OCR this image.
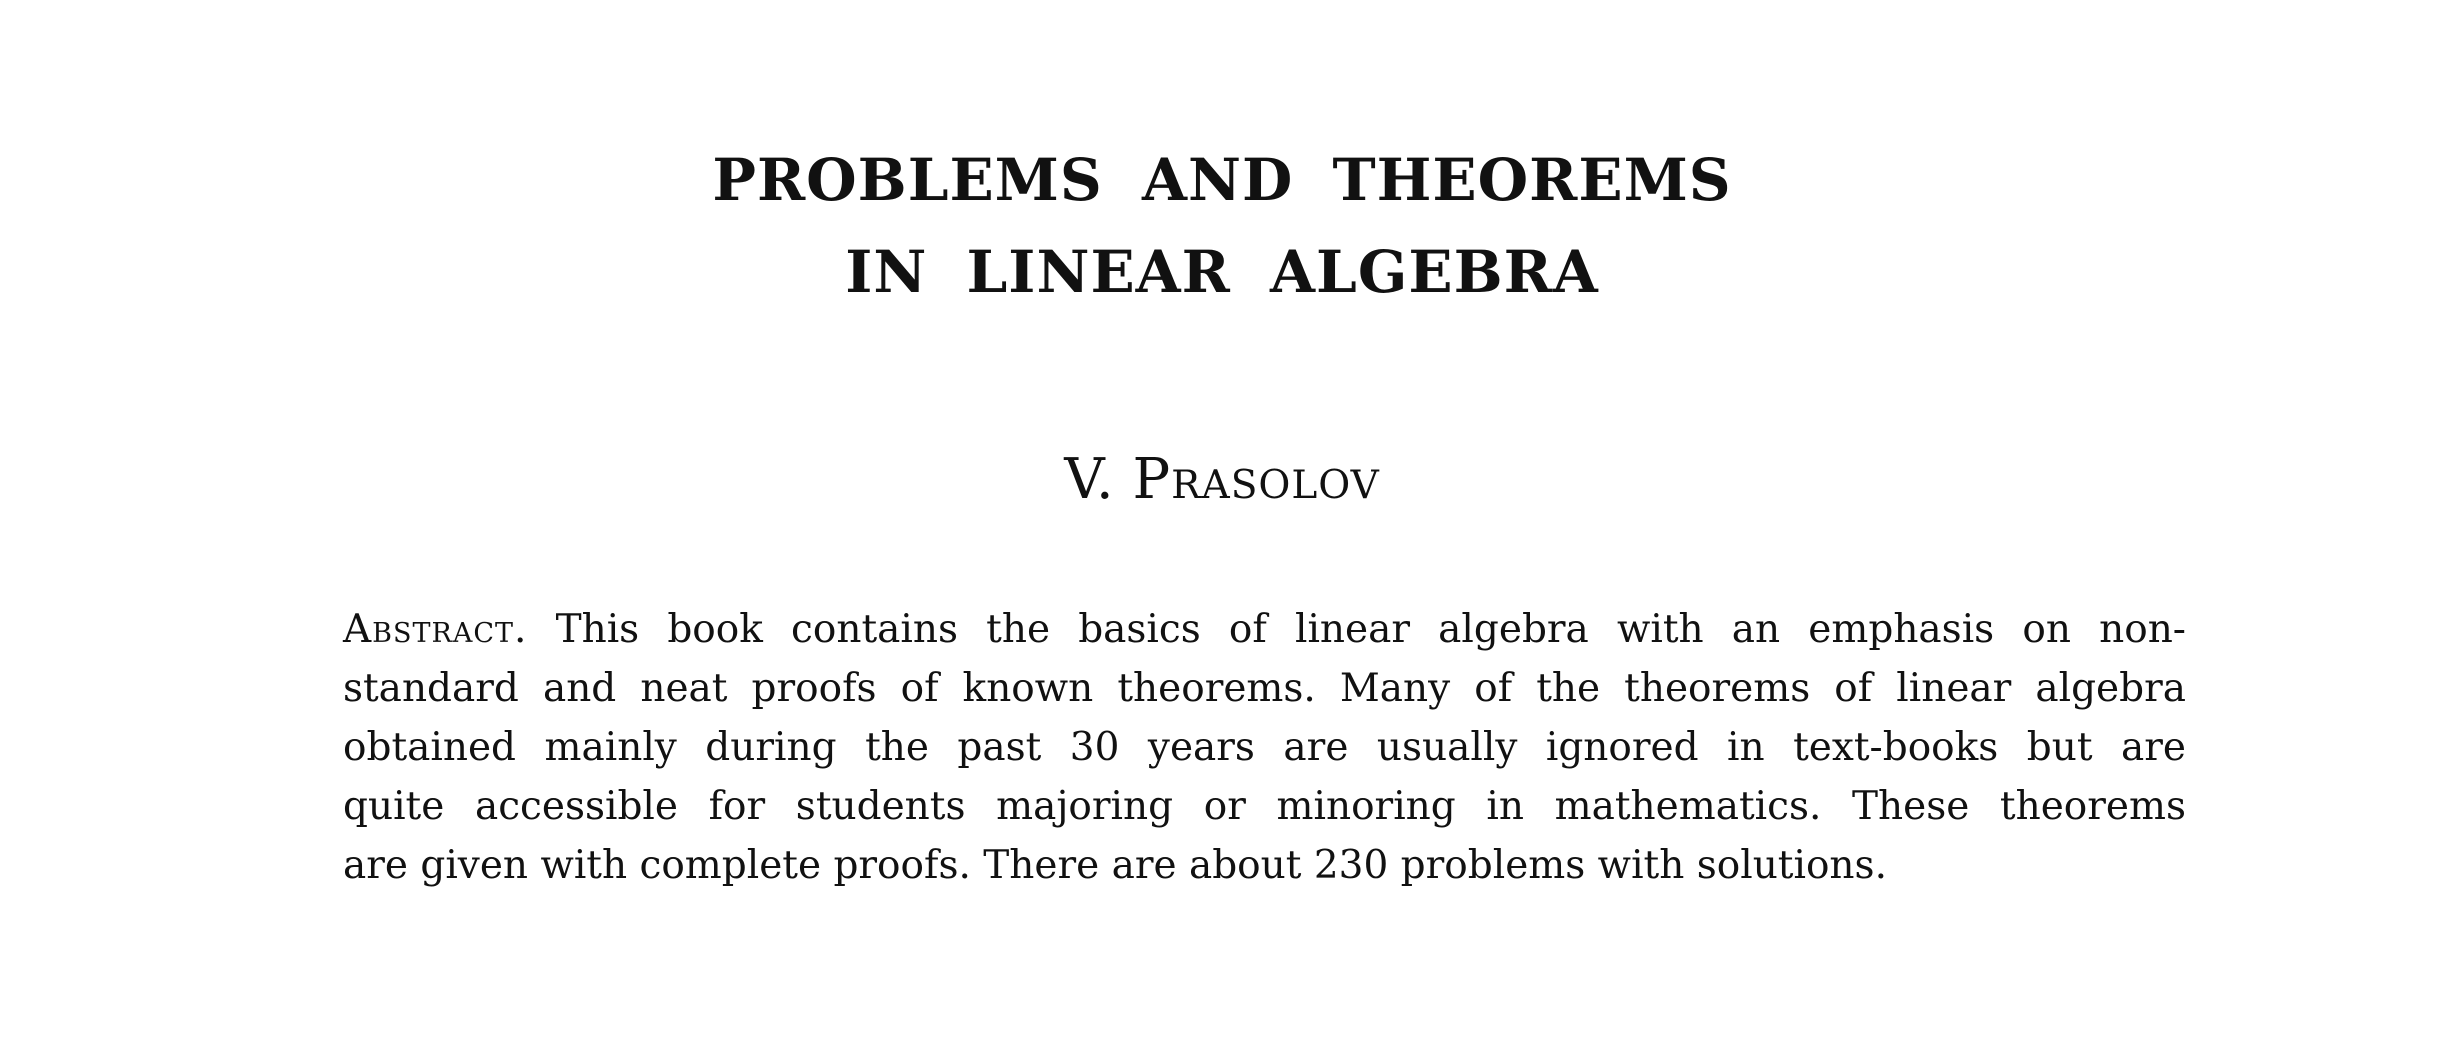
PROBLEMS AND THEOREMS
IN LINEAR ALGEBRA
V. Prasolov
Abstract. This book contains the basics of linear algebra with an emphasis on non-
standard and neat proofs of known theorems. Many of the theorems of linear algebra
obtained mainly during the past 30 years are usually ignored in text-books but are
quite accessible for students majoring or minoring in mathematics. These theorems
are given with complete proofs. There are about 230 problems with solutions.
